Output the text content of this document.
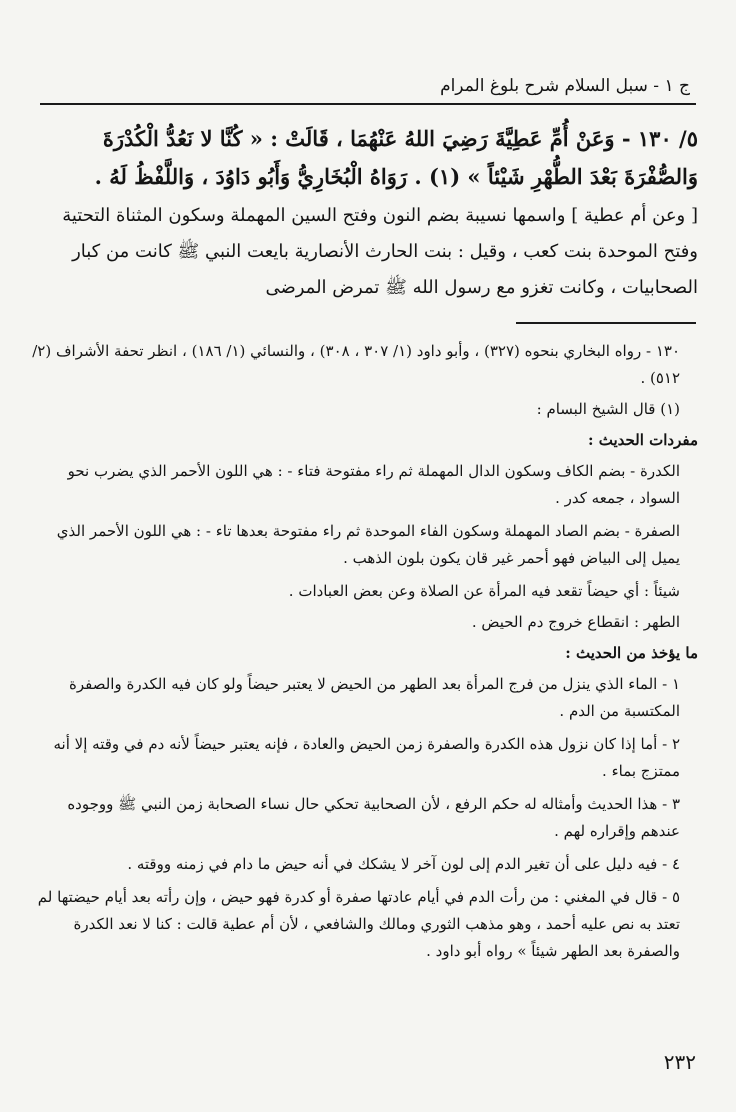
ج ١ - سبل السلام شرح بلوغ المرام
٥/ ١٣٠ - وَعَنْ أُمِّ عَطِيَّةَ رَضِيَ اللهُ عَنْهُمَا ، قَالَتْ : « كُنَّا لا نَعُدُّ الْكُدْرَةَ وَالصُّفْرَةَ بَعْدَ الطُّهْرِ شَيْئاً » (١) . رَوَاهُ الْبُخَارِيُّ وَأَبُو دَاوُدَ ، وَاللَّفْظُ لَهُ .
[ وعن أم عطية ] واسمها نسيبة بضم النون وفتح السين المهملة وسكون المثناة التحتية وفتح الموحدة بنت كعب ، وقيل : بنت الحارث الأنصارية بايعت النبي ﷺ كانت من كبار الصحابيات ، وكانت تغزو مع رسول الله ﷺ تمرض المرضى

١٣٠ - رواه البخاري بنحوه (٣٢٧) ، وأبو داود (١/ ٣٠٧ ، ٣٠٨) ، والنسائي (١/ ١٨٦) ، انظر تحفة الأشراف (٢/ ٥١٢) .

(١) قال الشيخ البسام :

مفردات الحديث :

الكدرة - بضم الكاف وسكون الدال المهملة ثم راء مفتوحة فتاء - : هي اللون الأحمر الذي يضرب نحو السواد ، جمعه كدر .

الصفرة - بضم الصاد المهملة وسكون الفاء الموحدة ثم راء مفتوحة بعدها تاء - : هي اللون الأحمر الذي يميل إلى البياض فهو أحمر غير قان يكون بلون الذهب .

شيئاً : أي حيضاً تقعد فيه المرأة عن الصلاة وعن بعض العبادات .

الطهر : انقطاع خروج دم الحيض .

ما يؤخذ من الحديث :

١ - الماء الذي ينزل من فرج المرأة بعد الطهر من الحيض لا يعتبر حيضاً ولو كان فيه الكدرة والصفرة المكتسبة من الدم .

٢ - أما إذا كان نزول هذه الكدرة والصفرة زمن الحيض والعادة ، فإنه يعتبر حيضاً لأنه دم في وقته إلا أنه ممتزج بماء .

٣ - هذا الحديث وأمثاله له حكم الرفع ، لأن الصحابية تحكي حال نساء الصحابة زمن النبي ﷺ ووجوده عندهم وإقراره لهم .

٤ - فيه دليل على أن تغير الدم إلى لون آخر لا يشكك في أنه حيض ما دام في زمنه ووقته .

٥ - قال في المغني : من رأت الدم في أيام عادتها صفرة أو كدرة فهو حيض ، وإن رأته بعد أيام حيضتها لم تعتد به نص عليه أحمد ، وهو مذهب الثوري ومالك والشافعي ، لأن أم عطية قالت : كنا لا نعد الكدرة والصفرة بعد الطهر شيئاً » رواه أبو داود .

٢٣٢
